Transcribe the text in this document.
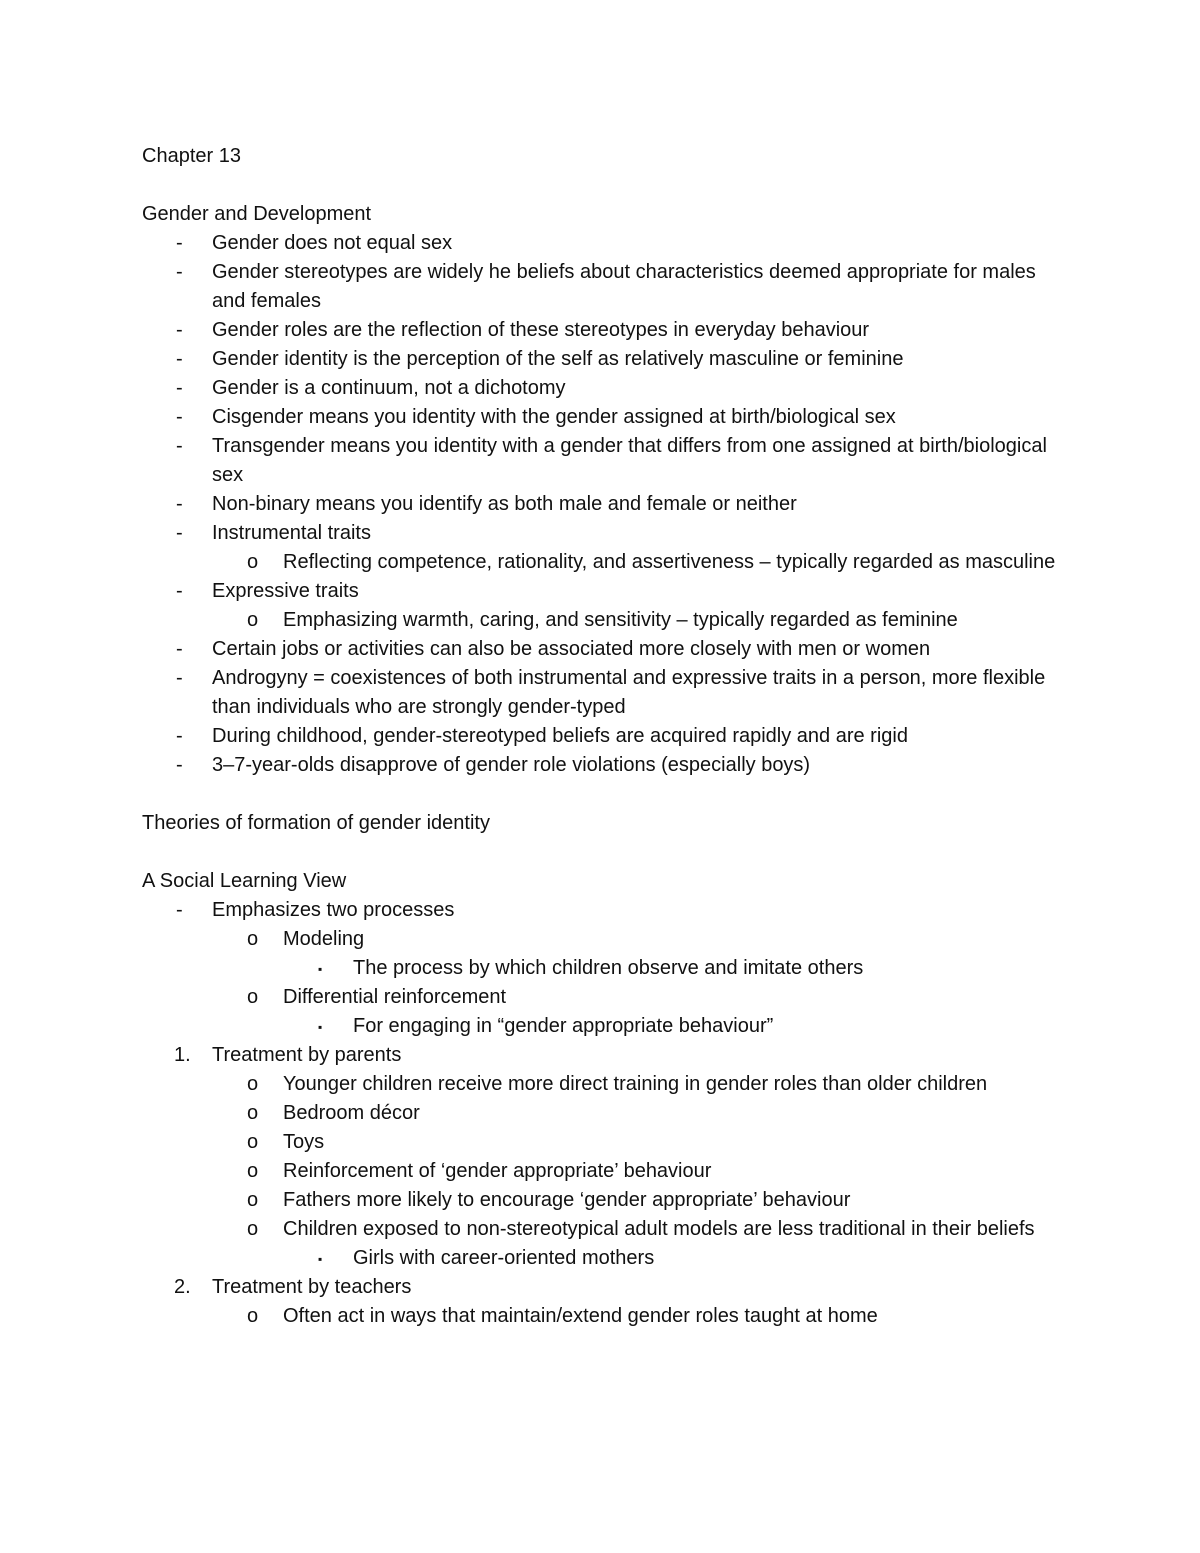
Chapter 13

Gender and Development

- Gender does not equal sex
- Gender stereotypes are widely he beliefs about characteristics deemed appropriate for males and females
- Gender roles are the reflection of these stereotypes in everyday behaviour
- Gender identity is the perception of the self as relatively masculine or feminine
- Gender is a continuum, not a dichotomy
- Cisgender means you identity with the gender assigned at birth/biological sex
- Transgender means you identity with a gender that differs from one assigned at birth/biological sex
- Non-binary means you identify as both male and female or neither
- Instrumental traits
o Reflecting competence, rationality, and assertiveness – typically regarded as masculine
- Expressive traits
o Emphasizing warmth, caring, and sensitivity – typically regarded as feminine
- Certain jobs or activities can also be associated more closely with men or women
- Androgyny = coexistences of both instrumental and expressive traits in a person, more flexible than individuals who are strongly gender-typed
- During childhood, gender-stereotyped beliefs are acquired rapidly and are rigid
- 3–7-year-olds disapprove of gender role violations (especially boys)

Theories of formation of gender identity

A Social Learning View

- Emphasizes two processes
o Modeling
▪ The process by which children observe and imitate others
o Differential reinforcement
▪ For engaging in “gender appropriate behaviour”
1. Treatment by parents
o Younger children receive more direct training in gender roles than older children
o Bedroom décor
o Toys
o Reinforcement of ‘gender appropriate’ behaviour
o Fathers more likely to encourage ‘gender appropriate’ behaviour
o Children exposed to non-stereotypical adult models are less traditional in their beliefs
▪ Girls with career-oriented mothers
2. Treatment by teachers
o Often act in ways that maintain/extend gender roles taught at home
